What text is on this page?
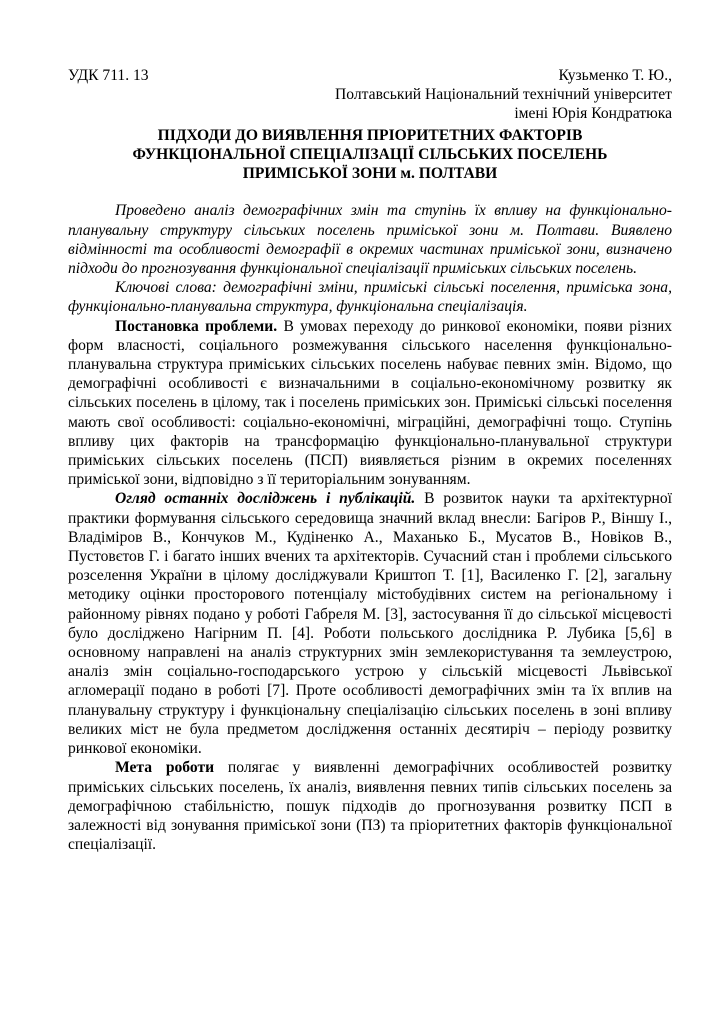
УДК 711. 13	Кузьменко Т. Ю.,
Полтавський Національний технічний університет
імені Юрія Кондратюка
ПІДХОДИ ДО ВИЯВЛЕННЯ ПРІОРИТЕТНИХ ФАКТОРІВ
ФУНКЦІОНАЛЬНОЇ СПЕЦІАЛІЗАЦІЇ СІЛЬСЬКИХ ПОСЕЛЕНЬ
ПРИМІСЬКОЇ ЗОНИ м. ПОЛТАВИ

Проведено аналіз демографічних змін та ступінь їх впливу на функціонально-планувальну структуру сільських поселень приміської зони м. Полтави. Виявлено відмінності та особливості демографії в окремих частинах приміської зони, визначено підходи до прогнозування функціональної спеціалізації приміських сільських поселень.

Ключові слова: демографічні зміни, приміські сільські поселення, приміська зона, функціонально-планувальна структура, функціональна спеціалізація.

Постановка проблеми. В умовах переходу до ринкової економіки, появи різних форм власності, соціального розмежування сільського населення функціонально-планувальна структура приміських сільських поселень набуває певних змін. Відомо, що демографічні особливості є визначальними в соціально-економічному розвитку як сільських поселень в цілому, так і поселень приміських зон. Приміські сільські поселення мають свої особливості: соціально-економічні, міграційні, демографічні тощо. Ступінь впливу цих факторів на трансформацію функціонально-планувальної структури приміських сільських поселень (ПСП) виявляється різним в окремих поселеннях приміської зони, відповідно з її територіальним зонуванням.

Огляд останніх досліджень і публікацій. В розвиток науки та архітектурної практики формування сільського середовища значний вклад внесли: Багіров Р., Віншу І., Владіміров В., Кончуков М., Кудіненко А., Маханько Б., Мусатов В., Новіков В., Пустовєтов Г. і багато інших вчених та архітекторів. Сучасний стан і проблеми сільського розселення України в цілому досліджували Криштоп Т. [1], Василенко Г. [2], загальну методику оцінки просторового потенціалу містобудівних систем на регіональному і районному рівнях подано у роботі Габреля М. [3], застосування її до сільської місцевості було досліджено Нагірним П. [4]. Роботи польського дослідника Р. Лубика [5,6] в основному направлені на аналіз структурних змін землекористування та землеустрою, аналіз змін соціально-господарського устрою у сільській місцевості Львівської агломерації подано в роботі [7]. Проте особливості демографічних змін та їх вплив на планувальну структуру і функціональну спеціалізацію сільських поселень в зоні впливу великих міст не була предметом дослідження останніх десятиріч – періоду розвитку ринкової економіки.

Мета роботи полягає у виявленні демографічних особливостей розвитку приміських сільських поселень, їх аналіз, виявлення певних типів сільських поселень за демографічною стабільністю, пошук підходів до прогнозування розвитку ПСП в залежності від зонування приміської зони (ПЗ) та пріоритетних факторів функціональної спеціалізації.
